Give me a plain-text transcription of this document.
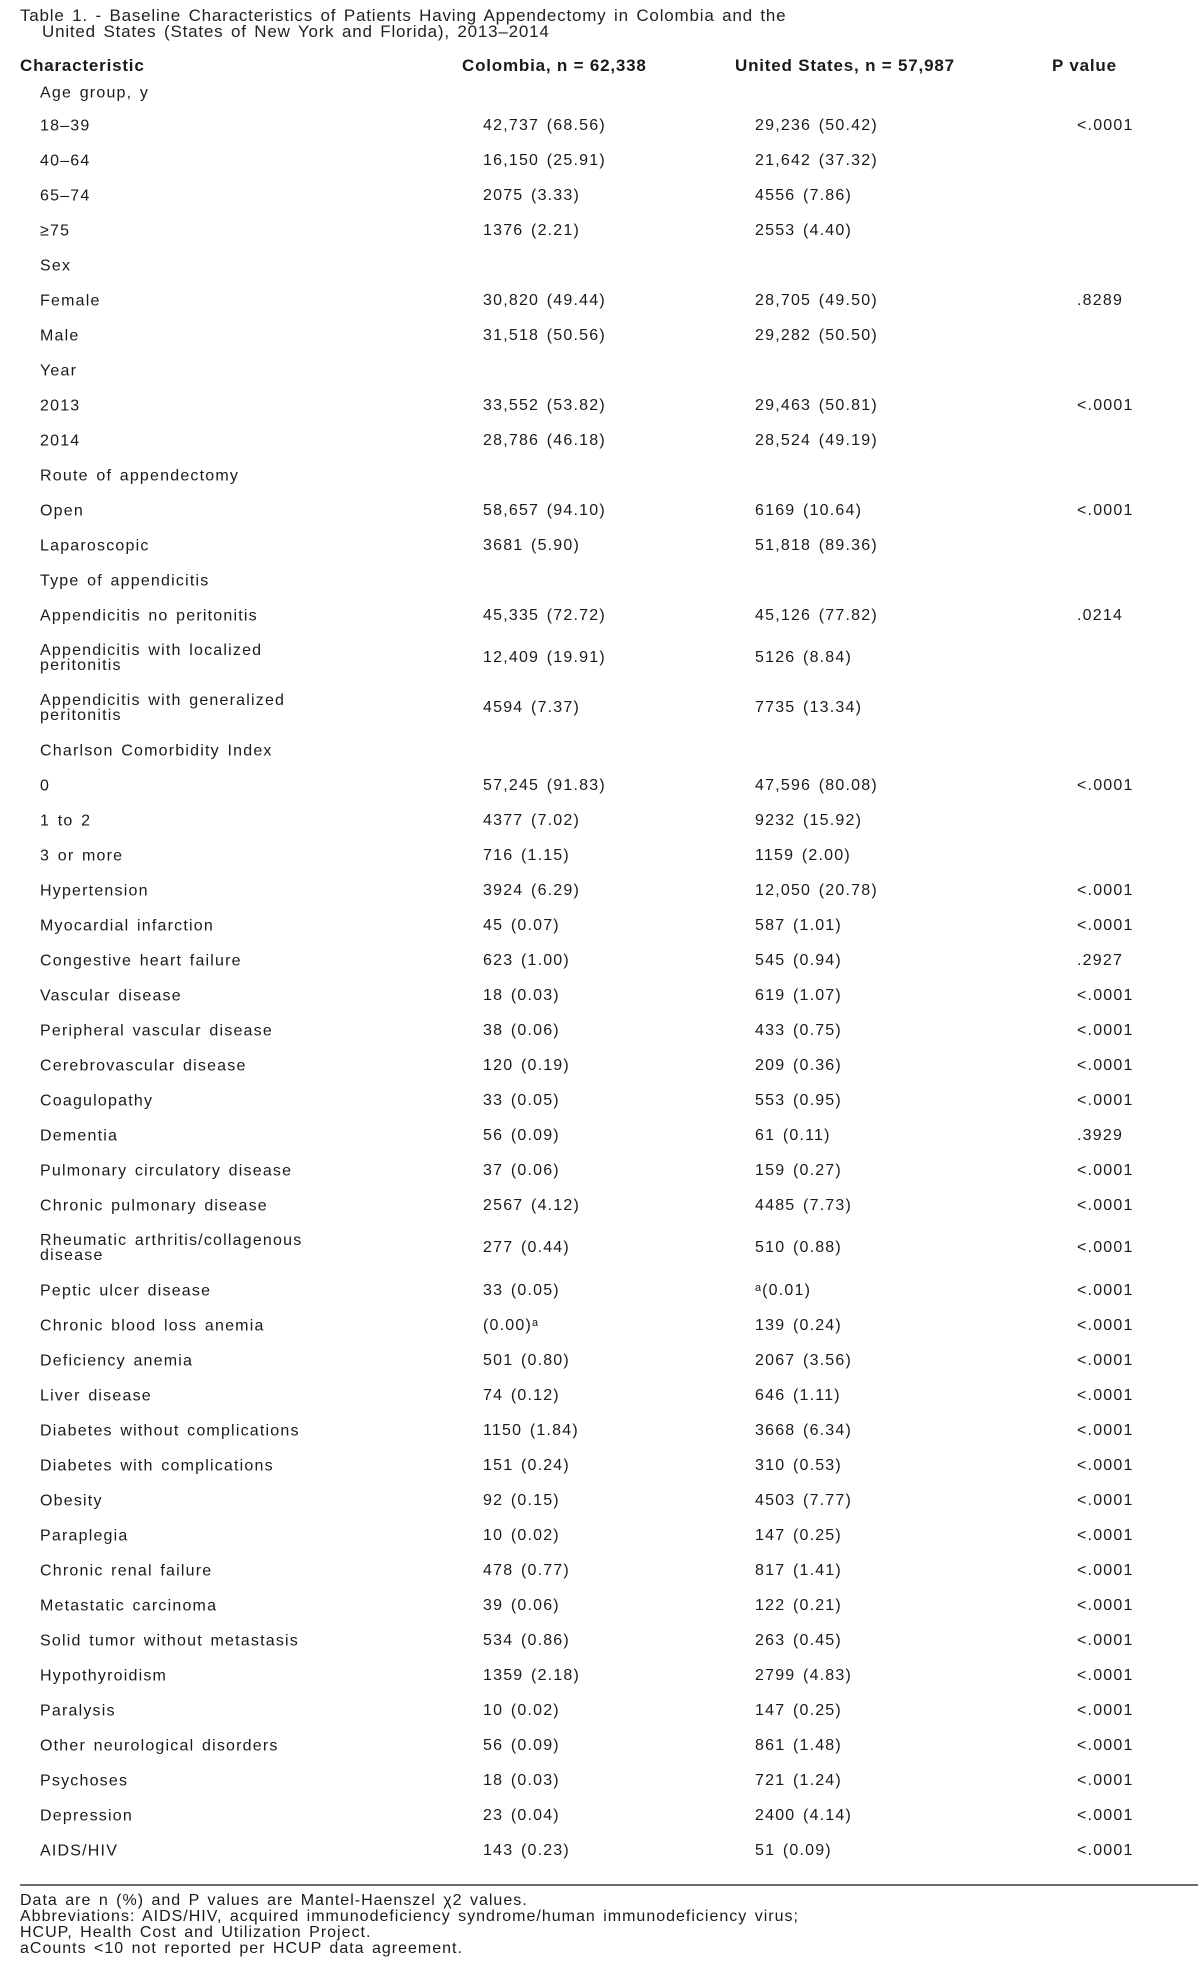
Table 1. - Baseline Characteristics of Patients Having Appendectomy in Colombia and the
United States (States of New York and Florida), 2013–2014
Characteristic	Colombia, n = 62,338	United States, n = 57,987	P value
Age group, y
18–39	42,737 (68.56)	29,236 (50.42)	<.0001
40–64	16,150 (25.91)	21,642 (37.32)
65–74	2075 (3.33)	4556 (7.86)
≥75	1376 (2.21)	2553 (4.40)
Sex
Female	30,820 (49.44)	28,705 (49.50)	.8289
Male	31,518 (50.56)	29,282 (50.50)
Year
2013	33,552 (53.82)	29,463 (50.81)	<.0001
2014	28,786 (46.18)	28,524 (49.19)
Route of appendectomy
Open	58,657 (94.10)	6169 (10.64)	<.0001
Laparoscopic	3681 (5.90)	51,818 (89.36)
Type of appendicitis
Appendicitis no peritonitis	45,335 (72.72)	45,126 (77.82)	.0214
Appendicitis with localized
peritonitis	12,409 (19.91)	5126 (8.84)
Appendicitis with generalized
peritonitis	4594 (7.37)	7735 (13.34)
Charlson Comorbidity Index
0	57,245 (91.83)	47,596 (80.08)	<.0001
1 to 2	4377 (7.02)	9232 (15.92)
3 or more	716 (1.15)	1159 (2.00)
Hypertension	3924 (6.29)	12,050 (20.78)	<.0001
Myocardial infarction	45 (0.07)	587 (1.01)	<.0001
Congestive heart failure	623 (1.00)	545 (0.94)	.2927
Vascular disease	18 (0.03)	619 (1.07)	<.0001
Peripheral vascular disease	38 (0.06)	433 (0.75)	<.0001
Cerebrovascular disease	120 (0.19)	209 (0.36)	<.0001
Coagulopathy	33 (0.05)	553 (0.95)	<.0001
Dementia	56 (0.09)	61 (0.11)	.3929
Pulmonary circulatory disease	37 (0.06)	159 (0.27)	<.0001
Chronic pulmonary disease	2567 (4.12)	4485 (7.73)	<.0001
Rheumatic arthritis/collagenous
disease	277 (0.44)	510 (0.88)	<.0001
Peptic ulcer disease	33 (0.05)	ᵃ(0.01)	<.0001
Chronic blood loss anemia	(0.00)ᵃ	139 (0.24)	<.0001
Deficiency anemia	501 (0.80)	2067 (3.56)	<.0001
Liver disease	74 (0.12)	646 (1.11)	<.0001
Diabetes without complications	1150 (1.84)	3668 (6.34)	<.0001
Diabetes with complications	151 (0.24)	310 (0.53)	<.0001
Obesity	92 (0.15)	4503 (7.77)	<.0001
Paraplegia	10 (0.02)	147 (0.25)	<.0001
Chronic renal failure	478 (0.77)	817 (1.41)	<.0001
Metastatic carcinoma	39 (0.06)	122 (0.21)	<.0001
Solid tumor without metastasis	534 (0.86)	263 (0.45)	<.0001
Hypothyroidism	1359 (2.18)	2799 (4.83)	<.0001
Paralysis	10 (0.02)	147 (0.25)	<.0001
Other neurological disorders	56 (0.09)	861 (1.48)	<.0001
Psychoses	18 (0.03)	721 (1.24)	<.0001
Depression	23 (0.04)	2400 (4.14)	<.0001
AIDS/HIV	143 (0.23)	51 (0.09)	<.0001
Data are n (%) and P values are Mantel-Haenszel χ2 values.
Abbreviations: AIDS/HIV, acquired immunodeficiency syndrome/human immunodeficiency virus;
HCUP, Health Cost and Utilization Project.
aCounts <10 not reported per HCUP data agreement.
